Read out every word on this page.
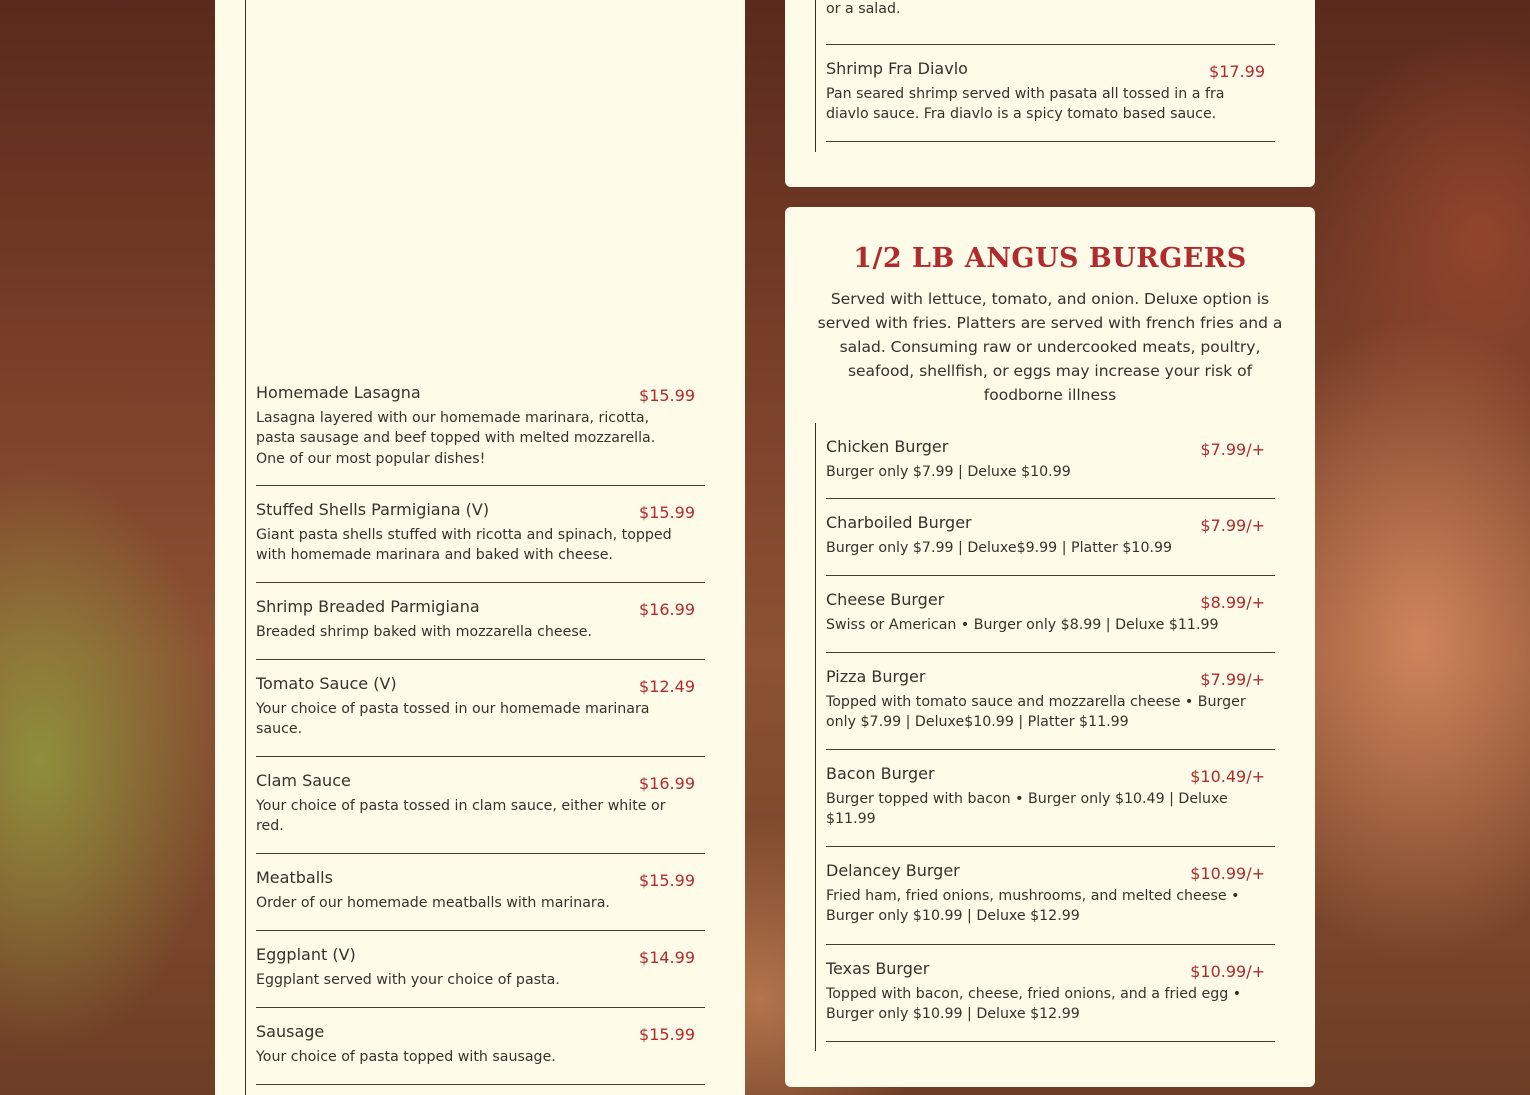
Homemade Lasagna	$15.99
Lasagna layered with our homemade marinara, ricotta, pasta sausage and beef topped with melted mozzarella. One of our most popular dishes!
Stuffed Shells Parmigiana (V)	$15.99
Giant pasta shells stuffed with ricotta and spinach, topped with homemade marinara and baked with cheese.
Shrimp Breaded Parmigiana	$16.99
Breaded shrimp baked with mozzarella cheese.
Tomato Sauce (V)	$12.49
Your choice of pasta tossed in our homemade marinara sauce.
Clam Sauce	$16.99
Your choice of pasta tossed in clam sauce, either white or red.
Meatballs	$15.99
Order of our homemade meatballs with marinara.
Eggplant (V)	$14.99
Eggplant served with your choice of pasta.
Sausage	$15.99
Your choice of pasta topped with sausage.
or a salad.
Shrimp Fra Diavlo	$17.99
Pan seared shrimp served with pasata all tossed in a fra diavlo sauce. Fra diavlo is a spicy tomato based sauce.
1/2 LB ANGUS BURGERS
Served with lettuce, tomato, and onion. Deluxe option is served with fries. Platters are served with french fries and a salad. Consuming raw or undercooked meats, poultry, seafood, shellfish, or eggs may increase your risk of foodborne illness
Chicken Burger	$7.99/+
Burger only $7.99 | Deluxe $10.99
Charboiled Burger	$7.99/+
Burger only $7.99 | Deluxe$9.99 | Platter $10.99
Cheese Burger	$8.99/+
Swiss or American • Burger only $8.99 | Deluxe $11.99
Pizza Burger	$7.99/+
Topped with tomato sauce and mozzarella cheese • Burger only $7.99 | Deluxe$10.99 | Platter $11.99
Bacon Burger	$10.49/+
Burger topped with bacon • Burger only $10.49 | Deluxe $11.99
Delancey Burger	$10.99/+
Fried ham, fried onions, mushrooms, and melted cheese • Burger only $10.99 | Deluxe $12.99
Texas Burger	$10.99/+
Topped with bacon, cheese, fried onions, and a fried egg • Burger only $10.99 | Deluxe $12.99
